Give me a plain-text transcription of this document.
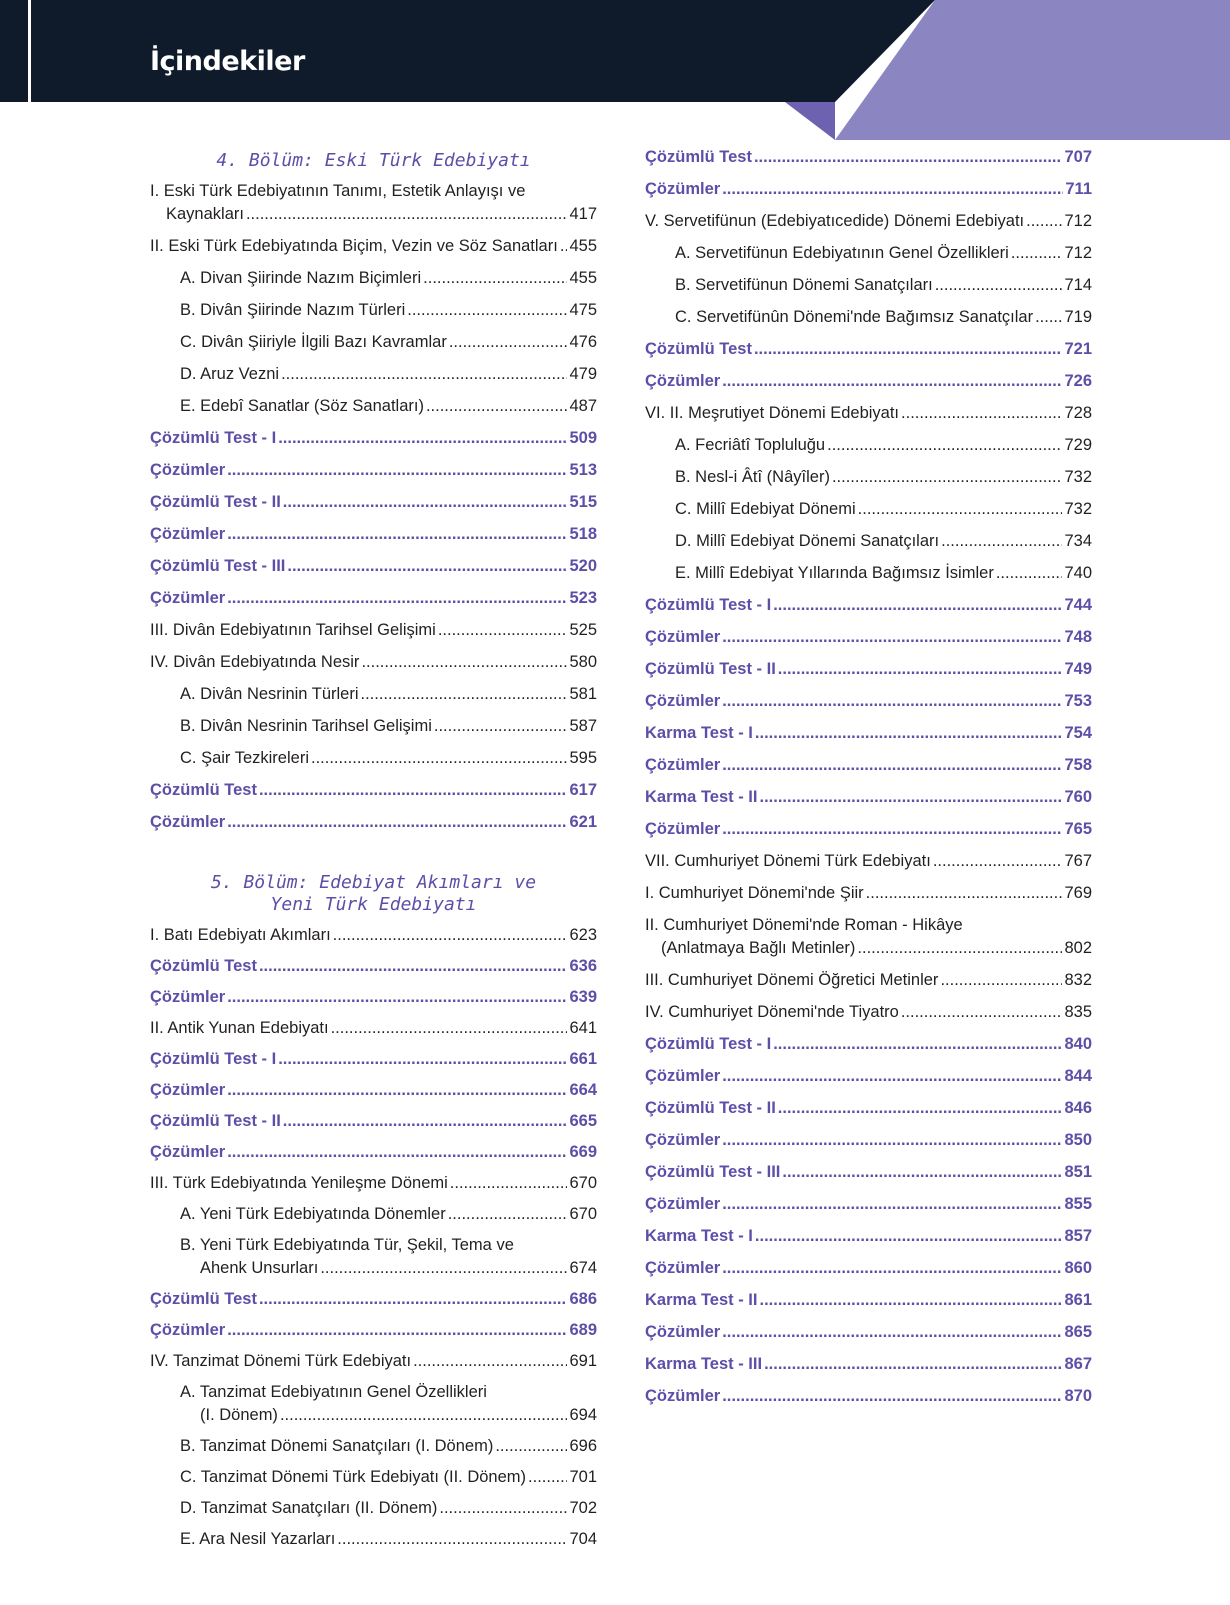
İçindekiler
4. Bölüm: Eski Türk Edebiyatı
I. Eski Türk Edebiyatının Tanımı, Estetik Anlayışı ve
Kaynakları .....	417
II. Eski Türk Edebiyatında Biçim, Vezin ve Söz Sanatları ..... 455
A. Divan Şiirinde Nazım Biçimleri .....	455
B. Divân Şiirinde Nazım Türleri .....	475
C. Divân Şiiriyle İlgili Bazı Kavramlar .....	476
D. Aruz Vezni .....	479
E. Edebî Sanatlar (Söz Sanatları) .....	487
Çözümlü Test - I .....	509
Çözümler .....	513
Çözümlü Test - II .....	515
Çözümler .....	518
Çözümlü Test - III .....	520
Çözümler .....	523
III. Divân Edebiyatının Tarihsel Gelişimi .....	525
IV. Divân Edebiyatında Nesir .....	580
A. Divân Nesrinin Türleri .....	581
B. Divân Nesrinin Tarihsel Gelişimi .....	587
C. Şair Tezkireleri .....	595
Çözümlü Test .....	617
Çözümler .....	621
5. Bölüm: Edebiyat Akımları ve
Yeni Türk Edebiyatı
I. Batı Edebiyatı Akımları .....	623
Çözümlü Test .....	636
Çözümler .....	639
II. Antik Yunan Edebiyatı .....	641
Çözümlü Test - I .....	661
Çözümler .....	664
Çözümlü Test - II .....	665
Çözümler .....	669
III. Türk Edebiyatında Yenileşme Dönemi .....	670
A. Yeni Türk Edebiyatında Dönemler .....	670
B. Yeni Türk Edebiyatında Tür, Şekil, Tema ve
Ahenk Unsurları .....	674
Çözümlü Test .....	686
Çözümler .....	689
IV. Tanzimat Dönemi Türk Edebiyatı .....	691
A. Tanzimat Edebiyatının Genel Özellikleri
(I. Dönem) .....	694
B. Tanzimat Dönemi Sanatçıları (I. Dönem) .....	696
C. Tanzimat Dönemi Türk Edebiyatı (II. Dönem) .....	701
D. Tanzimat Sanatçıları (II. Dönem) .....	702
E. Ara Nesil Yazarları .....	704
Çözümlü Test .....	707
Çözümler .....	711
V. Servetifünun (Edebiyatıcedide) Dönemi Edebiyatı ..... 712
A. Servetifünun Edebiyatının Genel Özellikleri .....	712
B. Servetifünun Dönemi Sanatçıları .....	714
C. Servetifünûn Dönemi'nde Bağımsız Sanatçılar ..... 719
Çözümlü Test .....	721
Çözümler .....	726
VI. II. Meşrutiyet Dönemi Edebiyatı .....	728
A. Fecriâtî Topluluğu .....	729
B. Nesl-i Âtî (Nâyîler) .....	732
C. Millî Edebiyat Dönemi .....	732
D. Millî Edebiyat Dönemi Sanatçıları .....	734
E. Millî Edebiyat Yıllarında Bağımsız İsimler .....	740
Çözümlü Test - I .....	744
Çözümler .....	748
Çözümlü Test - II .....	749
Çözümler .....	753
Karma Test - I .....	754
Çözümler .....	758
Karma Test - II .....	760
Çözümler .....	765
VII. Cumhuriyet Dönemi Türk Edebiyatı .....	767
I. Cumhuriyet Dönemi'nde Şiir .....	769
II. Cumhuriyet Dönemi'nde Roman - Hikâye
(Anlatmaya Bağlı Metinler) .....	802
III. Cumhuriyet Dönemi Öğretici Metinler .....	832
IV. Cumhuriyet Dönemi'nde Tiyatro .....	835
Çözümlü Test - I .....	840
Çözümler .....	844
Çözümlü Test - II .....	846
Çözümler .....	850
Çözümlü Test - III .....	851
Çözümler .....	855
Karma Test - I .....	857
Çözümler .....	860
Karma Test - II .....	861
Çözümler .....	865
Karma Test - III .....	867
Çözümler .....	870
